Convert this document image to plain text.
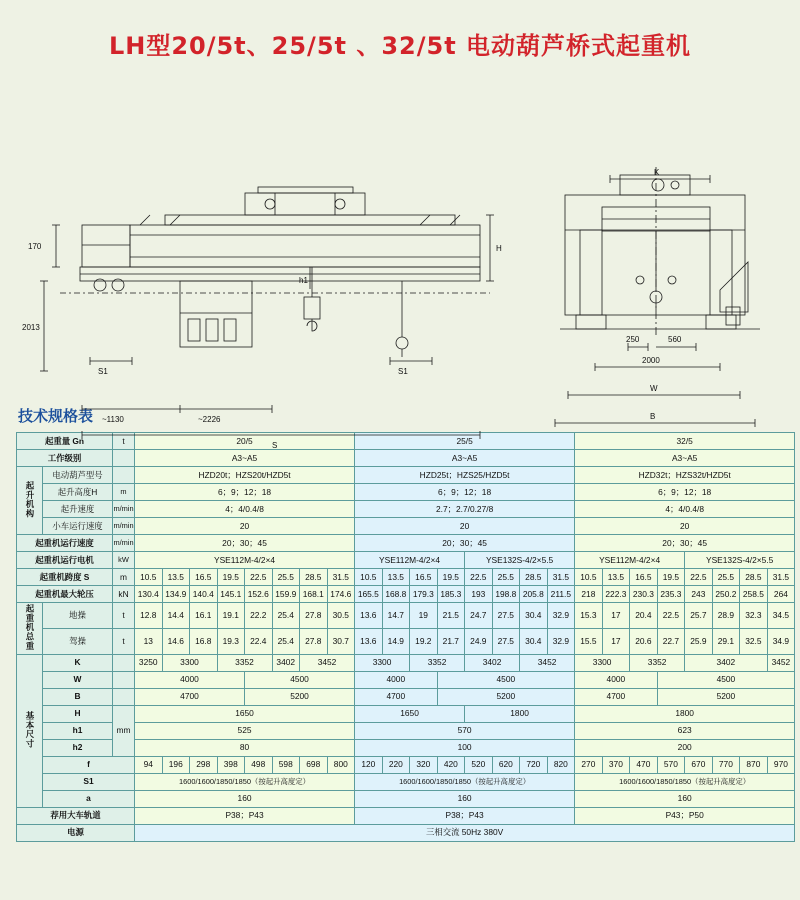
LH型20/5t、25/5t 、32/5t 电动葫芦桥式起重机
170
2013
S1	S1
h1
H
~1130	~2226
S
K
250	560
2000
W
B
技术规格表
起重量 Gn		t	20/5								25/5								32/5							
工作级别			A3~A5								A3~A5								A3~A5							
起升机构	电动葫芦型号		HZD20t；HZS20t/HZD5t								HZD25t；HZS25/HZD5t								HZD32t；HZS32t/HZD5t							
	起升高度H	m	6；9；12；18								6；9；12；18								6；9；12；18							
	起升速度	m/min	4；4/0.4/8								2.7；2.7/0.27/8								4；4/0.4/8							
	小车运行速度	m/min	20								20								20							
起重机运行速度		m/min	20；30；45								20；30；45								20；30；45							
起重机运行电机		kW	YSE112M-4/2×4								YSE112M-4/2×4				YSE132S-4/2×5.5				YSE112M-4/2×4				YSE132S-4/2×5.5			
起重机跨度 S		m	10.5	13.5	16.5	19.5	22.5	25.5	28.5	31.5	10.5	13.5	16.5	19.5	22.5	25.5	28.5	31.5	10.5	13.5	16.5	19.5	22.5	25.5	28.5	31.5
起重机最大轮压		kN	130.4	134.9	140.4	145.1	152.6	159.9	168.1	174.6	165.5	168.8	179.3	185.3	193	198.8	205.8	211.5	218	222.3	230.3	235.3	243	250.2	258.5	264
起重机总重	地操	t	12.8	14.4	16.1	19.1	22.2	25.4	27.8	30.5	13.6	14.7	19	21.5	24.7	27.5	30.4	32.9	15.3	17	20.4	22.5	25.7	28.9	32.3	34.5
	驾操	t	13	14.6	16.8	19.3	22.4	25.4	27.8	30.7	13.6	14.9	19.2	21.7	24.9	27.5	30.4	32.9	15.5	17	20.6	22.7	25.9	29.1	32.5	34.9
基本尺寸	K		3250	3300		3352		3402	3452		3300		3352		3402		3452		3300		3352		3402			3452
	W		4000				4500				4000			4500					4000			4500				
	B		4700				5200				4700			5200					4700			5200				
	H	mm	1650								1650				1800				1800							
	h1		525								570								623							
	h2		80								100								200							
	f		94	196	298	398	498	598	698	800	120	220	320	420	520	620	720	820	270	370	470	570	670	770	870	970
	S1		1600/1600/1850/1850（按起升高度定）								1600/1600/1850/1850（按起升高度定）								1600/1600/1850/1850（按起升高度定）							
	a		160								160								160							
荐用大车轨道			P38；P43								P38；P43								P43；P50							
电源			三相交流 50Hz 380V																							
